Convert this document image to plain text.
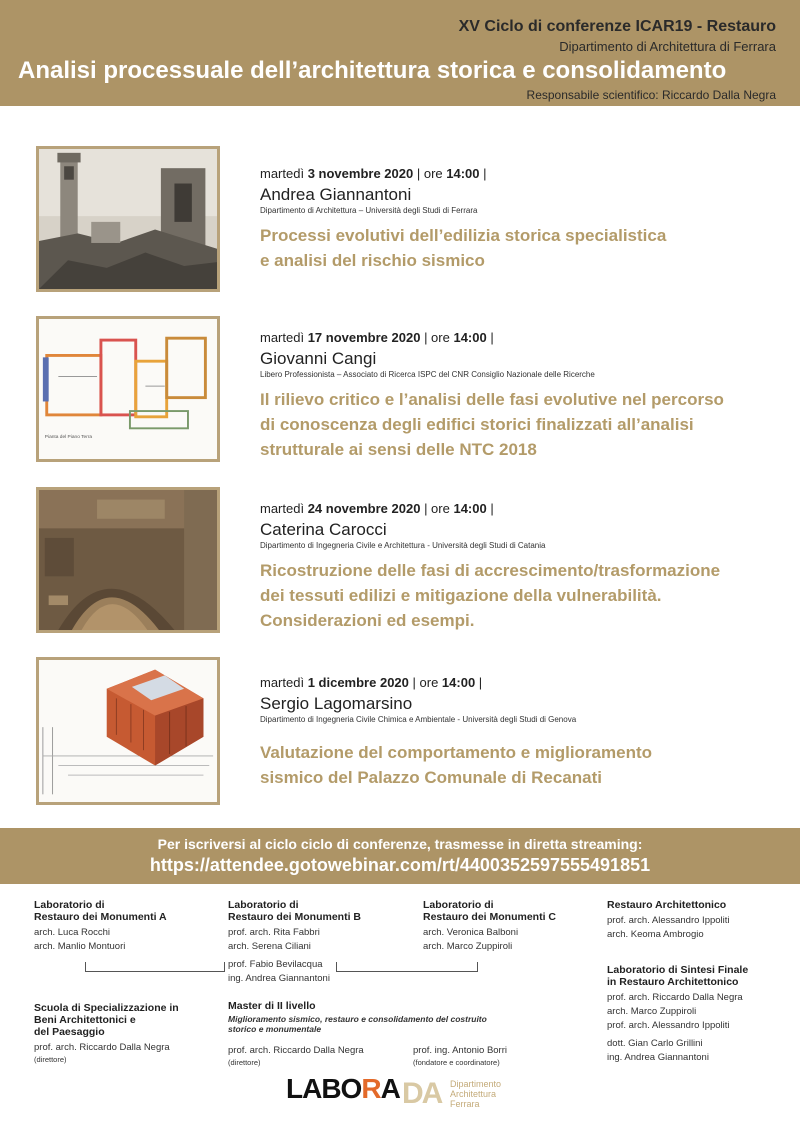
XV Ciclo di conferenze ICAR19 - Restauro
Dipartimento di Architettura di Ferrara
Analisi processuale dell’architettura storica e consolidamento
Responsabile scientifico: Riccardo Dalla Negra
martedì 3 novembre 2020 | ore 14:00 |
Andrea Giannantoni
Dipartimento di Architettura – Università degli Studi di Ferrara
Processi evolutivi dell’edilizia storica specialistica
e analisi del rischio sismico
Pianta del Piano Terra
martedì 17 novembre 2020 | ore 14:00 |
Giovanni Cangi
Libero Professionista – Associato di Ricerca ISPC del CNR Consiglio Nazionale delle Ricerche
Il rilievo critico e l’analisi delle fasi evolutive nel percorso
di conoscenza degli edifici storici finalizzati all’analisi
strutturale ai sensi delle NTC 2018
martedì 24 novembre 2020 | ore 14:00 |
Caterina Carocci
Dipartimento di Ingegneria Civile e Architettura - Università degli Studi di Catania
Ricostruzione delle fasi di accrescimento/trasformazione
dei tessuti edilizi e mitigazione della vulnerabilità.
Considerazioni ed esempi.
martedì 1 dicembre 2020 | ore 14:00 |
Sergio Lagomarsino
Dipartimento di Ingegneria Civile Chimica e Ambientale - Università degli Studi di Genova
Valutazione del comportamento e miglioramento
sismico del Palazzo Comunale di Recanati
Per iscriversi al ciclo ciclo di conferenze, trasmesse in diretta streaming:
https://attendee.gotowebinar.com/rt/4400352597555491851
Laboratorio di
Restauro dei Monumenti A
arch. Luca Rocchi
arch. Manlio Montuori
Laboratorio di
Restauro dei Monumenti B
prof. arch. Rita Fabbri
arch. Serena Ciliani
Laboratorio di
Restauro dei Monumenti C
arch. Veronica Balboni
arch. Marco Zuppiroli
prof. Fabio Bevilacqua
ing. Andrea Giannantoni
Restauro Architettonico
prof. arch. Alessandro Ippoliti
arch. Keoma Ambrogio
Laboratorio di Sintesi Finale
in Restauro Architettonico
prof. arch. Riccardo Dalla Negra
arch. Marco Zuppiroli
prof. arch. Alessandro Ippoliti
dott. Gian Carlo Grillini
ing. Andrea Giannantoni
Scuola di Specializzazione in
Beni Architettonici e
del Paesaggio
prof. arch. Riccardo Dalla Negra
(direttore)
Master di II livello
Miglioramento sismico, restauro e consolidamento del costruito
storico e monumentale
prof. arch. Riccardo Dalla Negra
(direttore)
prof. ing. Antonio Borri
(fondatore e coordinatore)
LABORA DA Dipartimento
Architettura
Ferrara
